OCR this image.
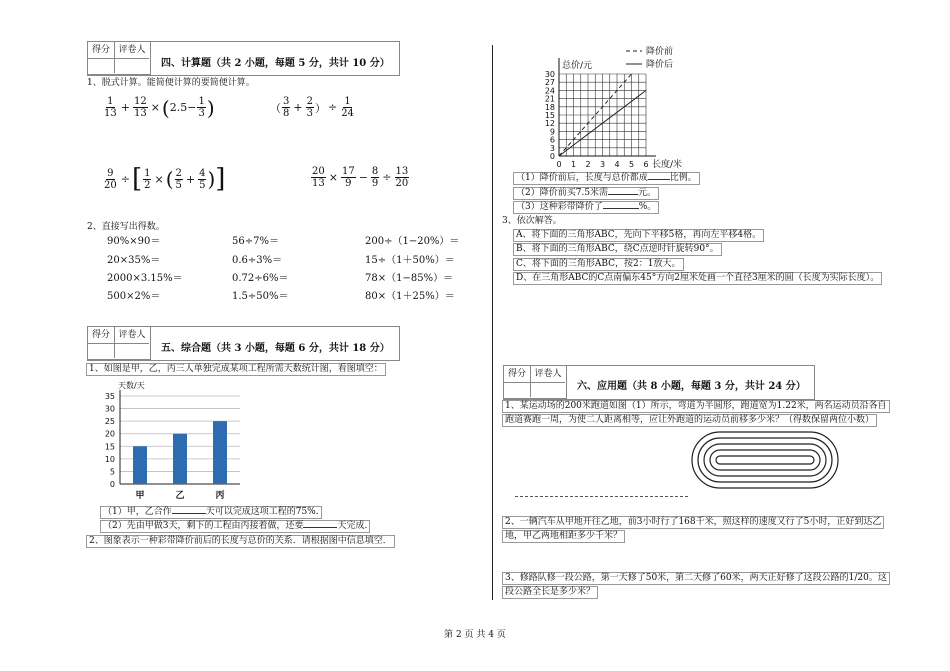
得分 评卷人
四、计算题（共 2 小题，每题 5 分，共计 10 分）
1、脱式计算。能简便计算的要简便计算。
$\frac{1}{13} + \frac{12}{13}$ × ( $2.5- \frac{1}{3}$ )	（ $\frac{3}{8} + \frac{2}{3}$ ） ÷ $\frac{1}{24}$
$\frac{9}{20}$ ÷ [ $\frac{1}{2}$ × ( $\frac{2}{5} + \frac{4}{5}$ ) ]	$\frac{20}{13} \times \frac{17}{9} - \frac{8}{9} \div \frac{13}{20}$
2、直接写出得数。
90%×90＝	56÷7%＝	200÷（1−20%）＝
20×35%＝	0.6÷3%＝	15÷（1＋50%）＝
2000×3.15%＝	0.72÷6%＝	78×（1−85%）＝
500×2%＝	1.5÷50%＝	80×（1＋25%）＝
得分 评卷人
五、综合题（共 3 小题，每题 6 分，共计 18 分）
1、如图是甲，乙，丙三人单独完成某项工程所需天数统计图，看图填空：
0
5
10
15
20
25
30
35
天数/天
甲	乙	丙
（1）甲，乙合作	天可以完成这项工程的75%.
（2）先由甲做3天，剩下的工程由丙接着做，还要	天完成.
2、图象表示一种彩带降价前后的长度与总价的关系．请根据图中信息填空．
0
3
6
9
12
15
18
21
24
27
30
0 1 2 3 4 5 6
总价/元
长度/米
降价前
降价后
（1）降价前后，长度与总价都成 比例。
（2）降价前买7.5米需	元。
（3）这种彩带降价了	%。
3、依次解答。
A、将下面的三角形ABC，先向下平移5格，再向左平移4格。
B、将下面的三角形ABC，绕C点逆时针旋转90°。
C、将下面的三角形ABC，按2：1放大。
D、在三角形ABC的C点南偏东45°方向2厘米处画一个直径3厘米的圆（长度为实际长度）。
得分 评卷人
六、应用题（共 8 小题，每题 3 分，共计 24 分）
1、某运动场的200米跑道如图（1）所示，弯道为半圆形，跑道宽为1.22米，两名运动员沿各自
跑道赛跑一周，为使二人距离相等，应让外跑道的运动员前移多少米？（得数保留两位小数）
2、一辆汽车从甲地开往乙地，前3小时行了168千米，照这样的速度又行了5小时，正好到达乙
地，甲乙两地相距多少千米？
3、修路队修一段公路，第一天修了50米，第二天修了60米，两天正好修了这段公路的1/20。这
段公路全长是多少米？
第 2 页 共 4 页
